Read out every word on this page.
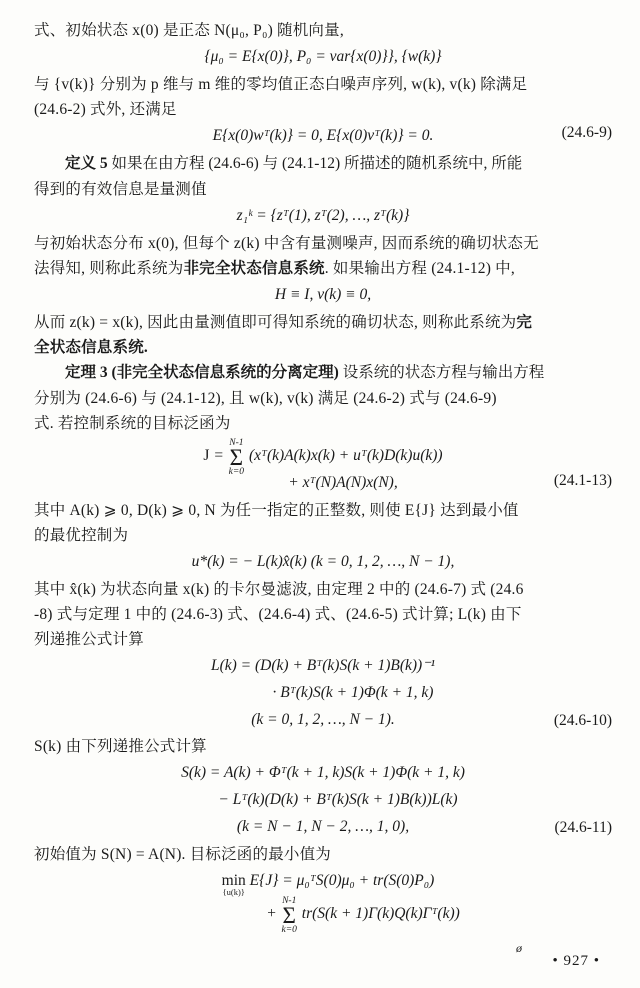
式、初始状态 x(0) 是正态 N(μ₀, P₀) 随机向量,
{μ₀ = E{x(0)}, P₀ = var{x(0)}}, {w(k)}
与 {v(k)} 分别为 p 维与 m 维的零均值正态白噪声序列, w(k), v(k) 除满足
(24.6-2) 式外, 还满足
E{x(0)wᵀ(k)} = 0, E{x(0)vᵀ(k)} = 0.	(24.6-9)
定义 5 如果在由方程 (24.6-6) 与 (24.1-12) 所描述的随机系统中, 所能
得到的有效信息是量测值
z₁ᵏ = {zᵀ(1), zᵀ(2), …, zᵀ(k)}
与初始状态分布 x(0), 但每个 z(k) 中含有量测噪声, 因而系统的确切状态无
法得知, 则称此系统为非完全状态信息系统. 如果输出方程 (24.1-12) 中,
H ≡ I, v(k) ≡ 0,
从而 z(k) = x(k), 因此由量测值即可得知系统的确切状态, 则称此系统为完
全状态信息系统.
定理 3 (非完全状态信息系统的分离定理) 设系统的状态方程与输出方程
分别为 (24.6-6) 与 (24.1-12), 且 w(k), v(k) 满足 (24.6-2) 式与 (24.6-9)
式. 若控制系统的目标泛函为
J =
N-1
Σ
k=0
(xᵀ(k)A(k)x(k) + uᵀ(k)D(k)u(k))
+ xᵀ(N)A(N)x(N),	(24.1-13)
其中 A(k) ⩾ 0, D(k) ⩾ 0, N 为任一指定的正整数, 则使 E{J} 达到最小值
的最优控制为
u*(k) = − L(k)x̂(k) (k = 0, 1, 2, …, N − 1),
其中 x̂(k) 为状态向量 x(k) 的卡尔曼滤波, 由定理 2 中的 (24.6-7) 式 (24.6
-8) 式与定理 1 中的 (24.6-3) 式、(24.6-4) 式、(24.6-5) 式计算; L(k) 由下
列递推公式计算
L(k) = (D(k) + Bᵀ(k)S(k + 1)B(k))⁻¹
· Bᵀ(k)S(k + 1)Φ(k + 1, k)
(k = 0, 1, 2, …, N − 1).	(24.6-10)
S(k) 由下列递推公式计算
S(k) = A(k) + Φᵀ(k + 1, k)S(k + 1)Φ(k + 1, k)
− Lᵀ(k)(D(k) + Bᵀ(k)S(k + 1)B(k))L(k)
(k = N − 1, N − 2, …, 1, 0),	(24.6-11)
初始值为 S(N) = A(N). 目标泛函的最小值为
min
{u(k)}
E{J} = μ₀ᵀS(0)μ₀ + tr(S(0)P₀)
+
N-1
Σ
k=0
tr(S(k + 1)Γ(k)Q(k)Γᵀ(k))
ø
• 927 •
